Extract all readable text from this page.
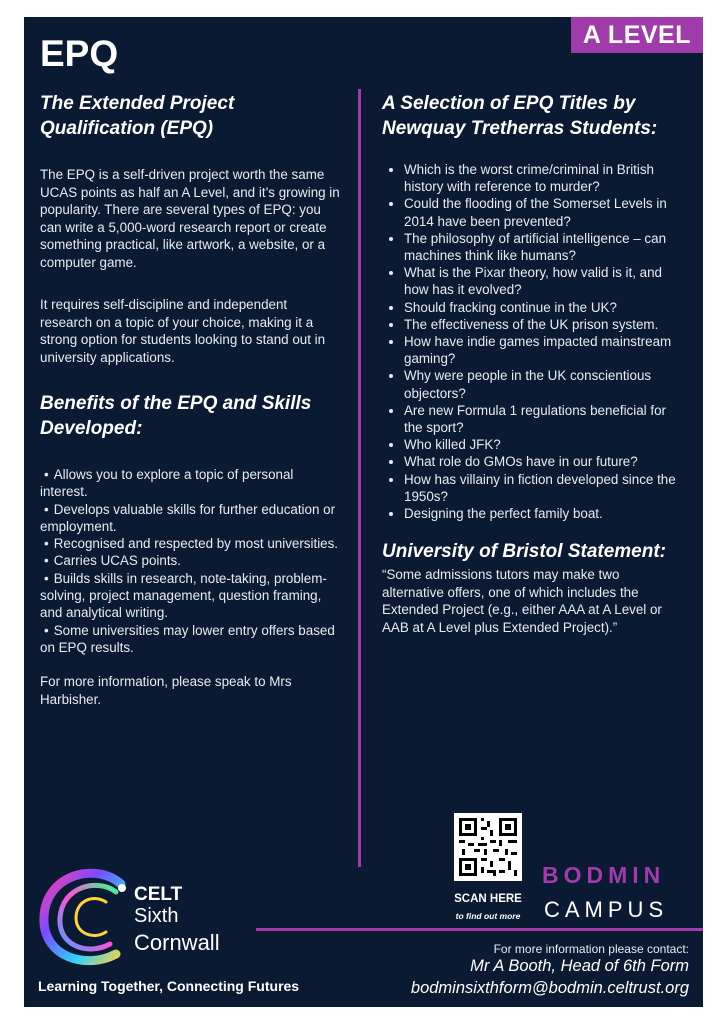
EPQ
The Extended Project
Qualification (EPQ)

The EPQ is a self-driven project worth the same UCAS points as half an A Level, and it’s growing in popularity. There are several types of EPQ: you can write a 5,000-word research report or create something practical, like artwork, a website, or a computer game.

It requires self-discipline and independent research on a topic of your choice, making it a strong option for students looking to stand out in university applications.

Benefits of the EPQ and Skills
Developed:
• Allows you to explore a topic of personal interest.
• Develops valuable skills for further education or employment.
• Recognised and respected by most universities.
• Carries UCAS points.
• Builds skills in research, note-taking, problem-solving, project management, question framing, and analytical writing.
• Some universities may lower entry offers based on EPQ results.

For more information, please speak to Mrs Harbisher.

A Selection of EPQ Titles by
Newquay Tretherras Students:
• Which is the worst crime/criminal in British history with reference to murder?
• Could the flooding of the Somerset Levels in 2014 have been prevented?
• The philosophy of artificial intelligence – can machines think like humans?
• What is the Pixar theory, how valid is it, and how has it evolved?
• Should fracking continue in the UK?
• The effectiveness of the UK prison system.
• How have indie games impacted mainstream gaming?
• Why were people in the UK conscientious objectors?
• Are new Formula 1 regulations beneficial for the sport?
• Who killed JFK?
• What role do GMOs have in our future?
• How has villainy in fiction developed since the 1950s?
• Designing the perfect family boat.
University of Bristol Statement:

“Some admissions tutors may make two alternative offers, one of which includes the Extended Project (e.g., either AAA at A Level or AAB at A Level plus Extended Project).”

SCAN HERE
to find out more
BODMIN
CAMPUS
CELT
Sixth
Cornwall
Learning Together, Connecting Futures
For more information please contact:
Mr A Booth, Head of 6th Form
bodminsixthform@bodmin.celtrust.org
A LEVEL
